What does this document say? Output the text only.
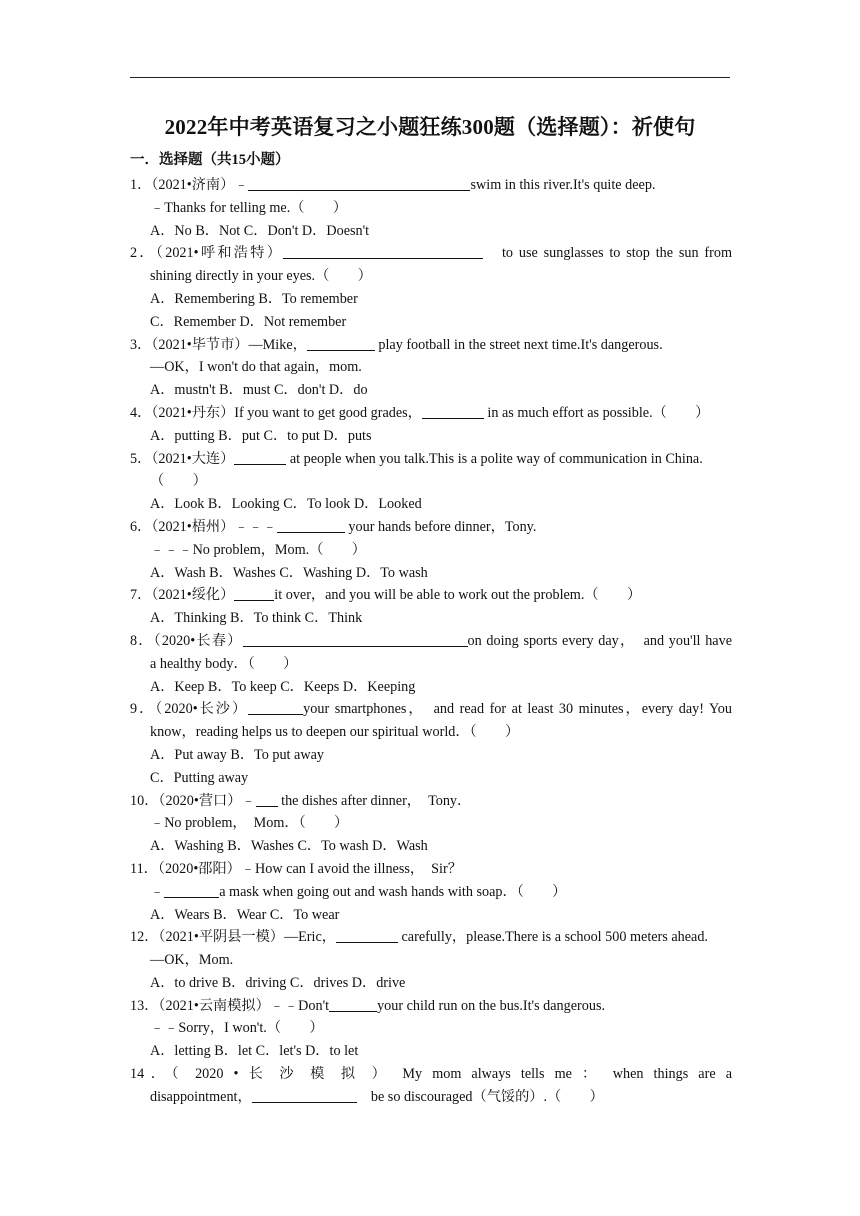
2022年中考英语复习之小题狂练300题（选择题）：祈使句
一．选择题（共15小题）
1．（2021•济南）﹣	swim in this river.It's quite deep.
﹣Thanks for telling me.（　　）
A．No B．Not C．Don't D．Doesn't
2．（2021•呼和浩特）	　to use sunglasses to stop the sun from
shining directly in your eyes.（　　）
A．Remembering B．To remember
C．Remember D．Not remember
3．（2021•毕节市）—Mike，	play football in the street next time.It's dangerous.
—OK，I won't do that again，mom.
A．mustn't B．must C．don't D．do
4．（2021•丹东）If you want to get good grades，	in as much effort as possible.（　　）
A．putting B．put C．to put D．puts
5．（2021•大连）	at people when you talk.This is a polite way of communication in China.
（　　）
A．Look B．Looking C．To look D．Looked
6．（2021•梧州）﹣﹣﹣	your hands before dinner，Tony.
﹣﹣﹣No problem，Mom.（　　）
A．Wash B．Washes C．Washing D．To wash
7．（2021•绥化）	it over，and you will be able to work out the problem.（　　）
A．Thinking B．To think C．Think
8．（2020•长春）	on doing sports every day，　and you'll have
a healthy body．（　　）
A．Keep B．To keep C．Keeps D．Keeping
9．（2020•长沙）	your smartphones，　and read for at least 30 minutes，every day! You
know，reading helps us to deepen our spiritual world．（　　）
A．Put away B．To put away
C．Putting away
10．（2020•营口）﹣ the dishes after dinner，　Tony．
﹣No problem，　Mom．（　　）
A．Washing B．Washes C．To wash D．Wash
11．（2020•邵阳）﹣How can I avoid the illness，　Sir？
﹣	a mask when going out and wash hands with soap．（　　）
A．Wears B．Wear C．To wear
12．（2021•平阴县一模）—Eric，	carefully，please.There is a school 500 meters ahead.
—OK，Mom.
A．to drive B．driving C．drives D．drive
13．（2021•云南模拟）﹣﹣Don't	your child run on the bus.It's dangerous.
﹣﹣Sorry，I won't.（　　）
A．letting B．let C．let's D．to let
14．（ 2020 • 长 沙 模 拟 ） My mom always tells me ： when things are a
disappointment，	　be so discouraged（气馁的）.（　　）
